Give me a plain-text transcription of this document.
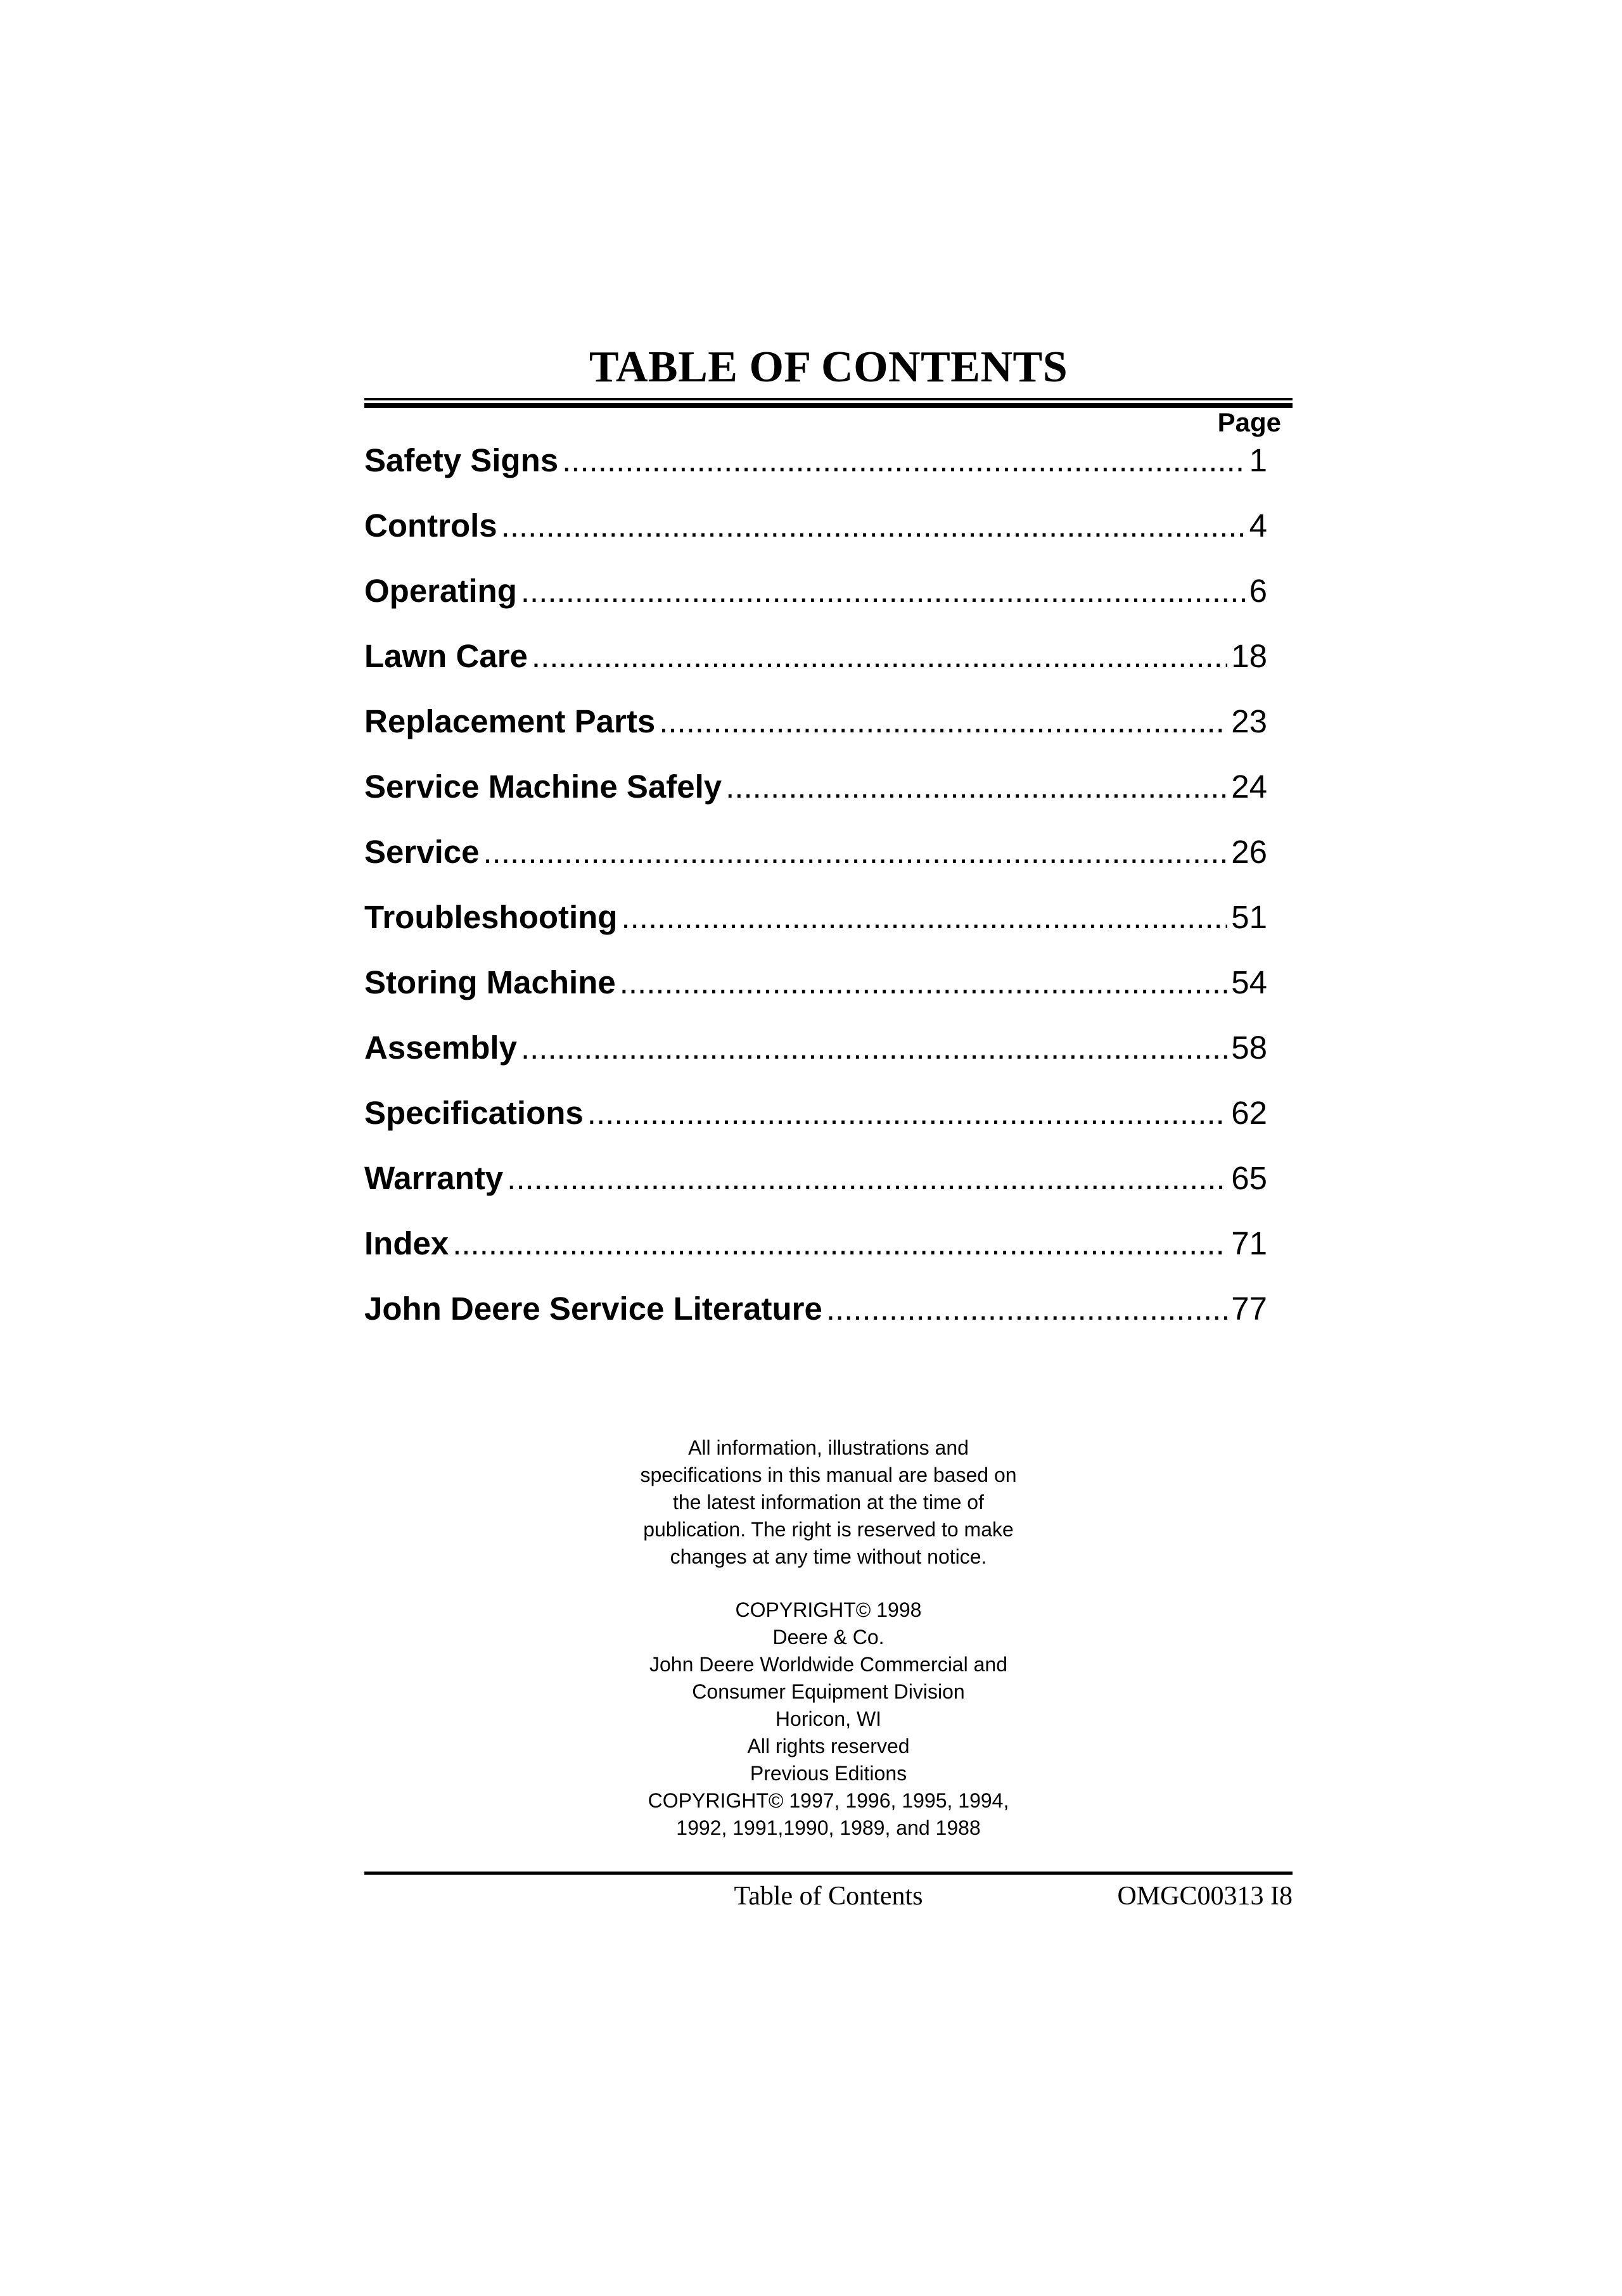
TABLE OF CONTENTS
Page
Safety Signs .....	1
Controls .....	4
Operating .....	6
Lawn Care .....	18
Replacement Parts .....	23
Service Machine Safely .....	24
Service .....	26
Troubleshooting .....	51
Storing Machine .....	54
Assembly .....	58
Specifications .....	62
Warranty .....	65
Index .....	71
John Deere Service Literature .....	77
All information, illustrations and
specifications in this manual are based on
the latest information at the time of
publication. The right is reserved to make
changes at any time without notice.
COPYRIGHT© 1998
Deere & Co.
John Deere Worldwide Commercial and
Consumer Equipment Division
Horicon, WI
All rights reserved
Previous Editions
COPYRIGHT© 1997, 1996, 1995, 1994,
1992, 1991,1990, 1989, and 1988
Table of Contents	OMGC00313 I8
